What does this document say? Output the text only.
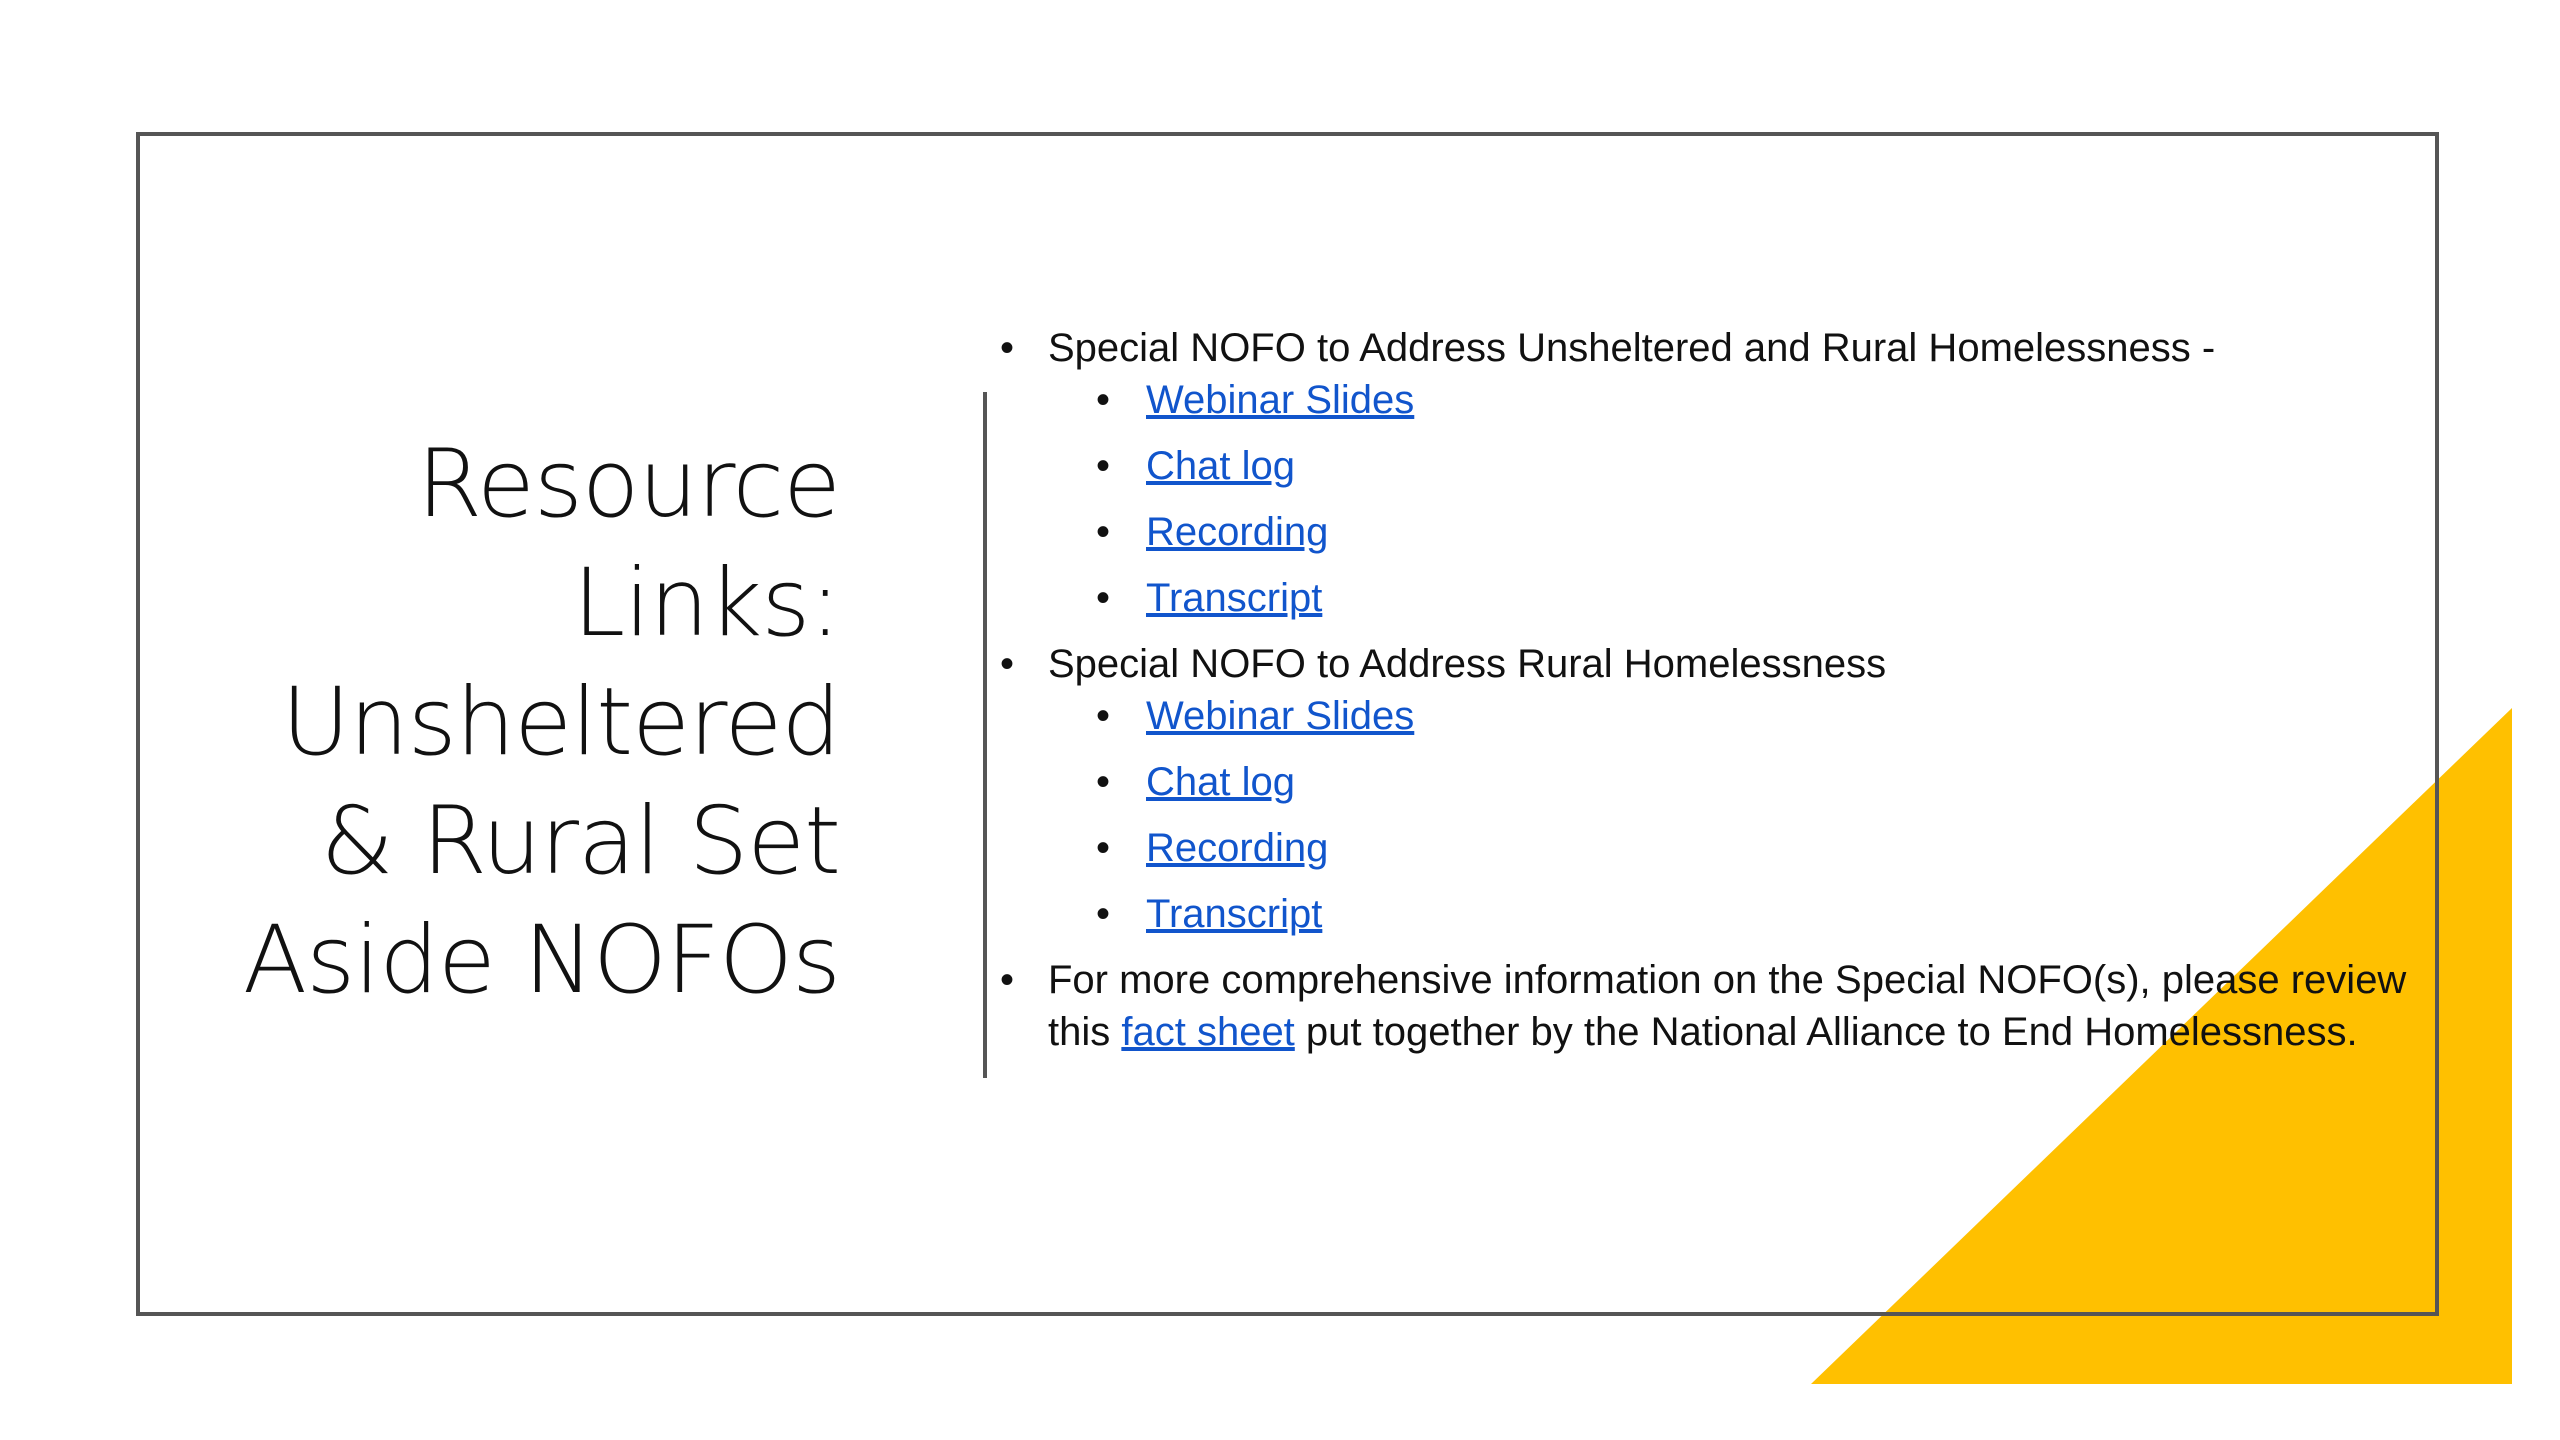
Resource
Links:
Unsheltered
& Rural Set
Aside NOFOs
• Special NOFO to Address Unsheltered and Rural Homelessness -
• Webinar Slides
• Chat log
• Recording
• Transcript
• Special NOFO to Address Rural Homelessness
• Webinar Slides
• Chat log
• Recording
• Transcript
• For more comprehensive information on the Special NOFO(s), please review this fact sheet put together by the National Alliance to End Homelessness.
